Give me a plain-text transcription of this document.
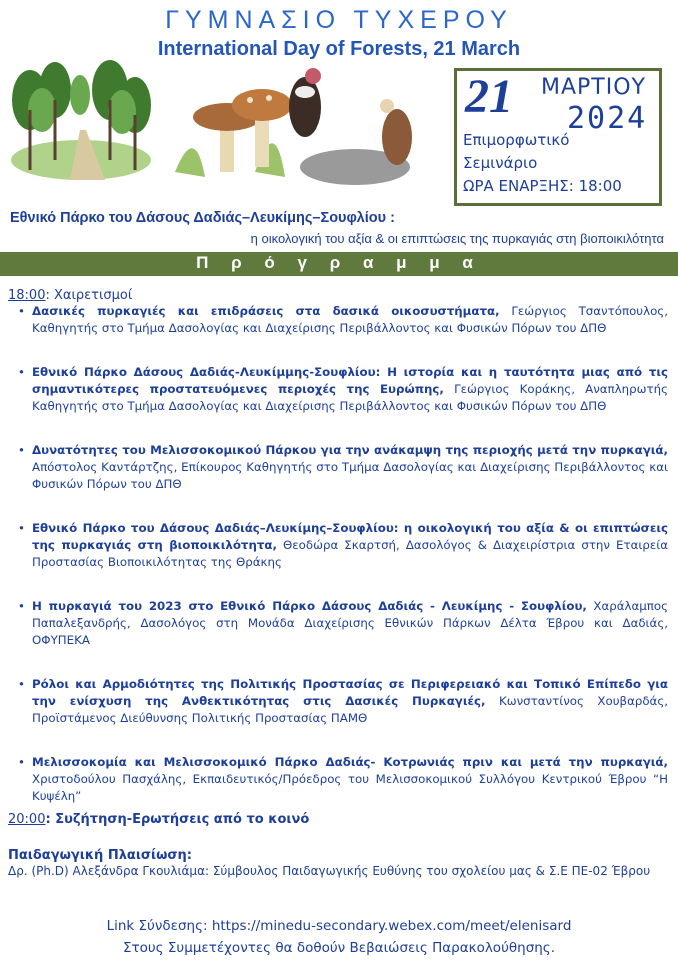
ΓΥΜΝΑΣΙΟ ΤΥΧΕΡΟΥ
International Day of Forests, 21 March
21 ΜΑΡΤΙΟΥ
2024
Επιμορφωτικό
Σεμινάριο
ΩΡΑ ΕΝΑΡΞΗΣ: 18:00
Εθνικό Πάρκο του Δάσους Δαδιάς–Λευκίμης–Σουφλίου :
η οικολογική του αξία & οι επιπτώσεις της πυρκαγιάς στη βιοποικιλότητα
Π ρ ό γ ρ α μ μ α
18:00: Χαιρετισμοί
• Δασικές πυρκαγιές και επιδράσεις στα δασικά οικοσυστήματα, Γεώργιος Τσαντόπουλος, Καθηγητής στο Τμήμα Δασολογίας και Διαχείρισης Περιβάλλοντος και Φυσικών Πόρων του ΔΠΘ
• Εθνικό Πάρκο Δάσους Δαδιάς-Λευκίμμης-Σουφλίου: Η ιστορία και η ταυτότητα μιας από τις σημαντικότερες προστατευόμενες περιοχές της Ευρώπης, Γεώργιος Κοράκης, Αναπληρωτής Καθηγητής στο Τμήμα Δασολογίας και Διαχείρισης Περιβάλλοντος και Φυσικών Πόρων του ΔΠΘ
• Δυνατότητες του Μελισσοκομικού Πάρκου για την ανάκαμψη της περιοχής μετά την πυρκαγιά, Απόστολος Καντάρτζης, Επίκουρος Καθηγητής στο Τμήμα Δασολογίας και Διαχείρισης Περιβάλλοντος και Φυσικών Πόρων του ΔΠΘ
• Εθνικό Πάρκο του Δάσους Δαδιάς–Λευκίμης–Σουφλίου: η οικολογική του αξία & οι επιπτώσεις της πυρκαγιάς στη βιοποικιλότητα, Θεοδώρα Σκαρτσή, Δασολόγος & Διαχειρίστρια στην Εταιρεία Προστασίας Βιοποικιλότητας της Θράκης
• Η πυρκαγιά του 2023 στο Εθνικό Πάρκο Δάσους Δαδιάς - Λευκίμης - Σουφλίου, Χαράλαμπος Παπαλεξανδρής, Δασολόγος στη Μονάδα Διαχείρισης Εθνικών Πάρκων Δέλτα Έβρου και Δαδιάς, ΟΦΥΠΕΚΑ
• Ρόλοι και Αρμοδιότητες της Πολιτικής Προστασίας σε Περιφερειακό και Τοπικό Επίπεδο για την ενίσχυση της Ανθεκτικότητας στις Δασικές Πυρκαγιές, Κωνσταντίνος Χουβαρδάς, Προϊστάμενος Διεύθυνσης Πολιτικής Προστασίας ΠΑΜΘ
• Μελισσοκομία και Μελισσοκομικό Πάρκο Δαδιάς- Κοτρωνιάς πριν και μετά την πυρκαγιά, Χριστοδούλου Πασχάλης, Εκπαιδευτικός/Πρόεδρος του Μελισσοκομικού Συλλόγου Κεντρικού Έβρου “Η Κυψέλη”
20:00: Συζήτηση-Ερωτήσεις από το κοινό
Παιδαγωγική Πλαισίωση:
Δρ. (Ph.D) Αλεξάνδρα Γκουλιάμα: Σύμβουλος Παιδαγωγικής Ευθύνης του σχολείου μας & Σ.Ε ΠΕ-02 Έβρου
Link Σύνδεσης: https://minedu-secondary.webex.com/meet/elenisard
Στους Συμμετέχοντες θα δοθούν Βεβαιώσεις Παρακολούθησης.
